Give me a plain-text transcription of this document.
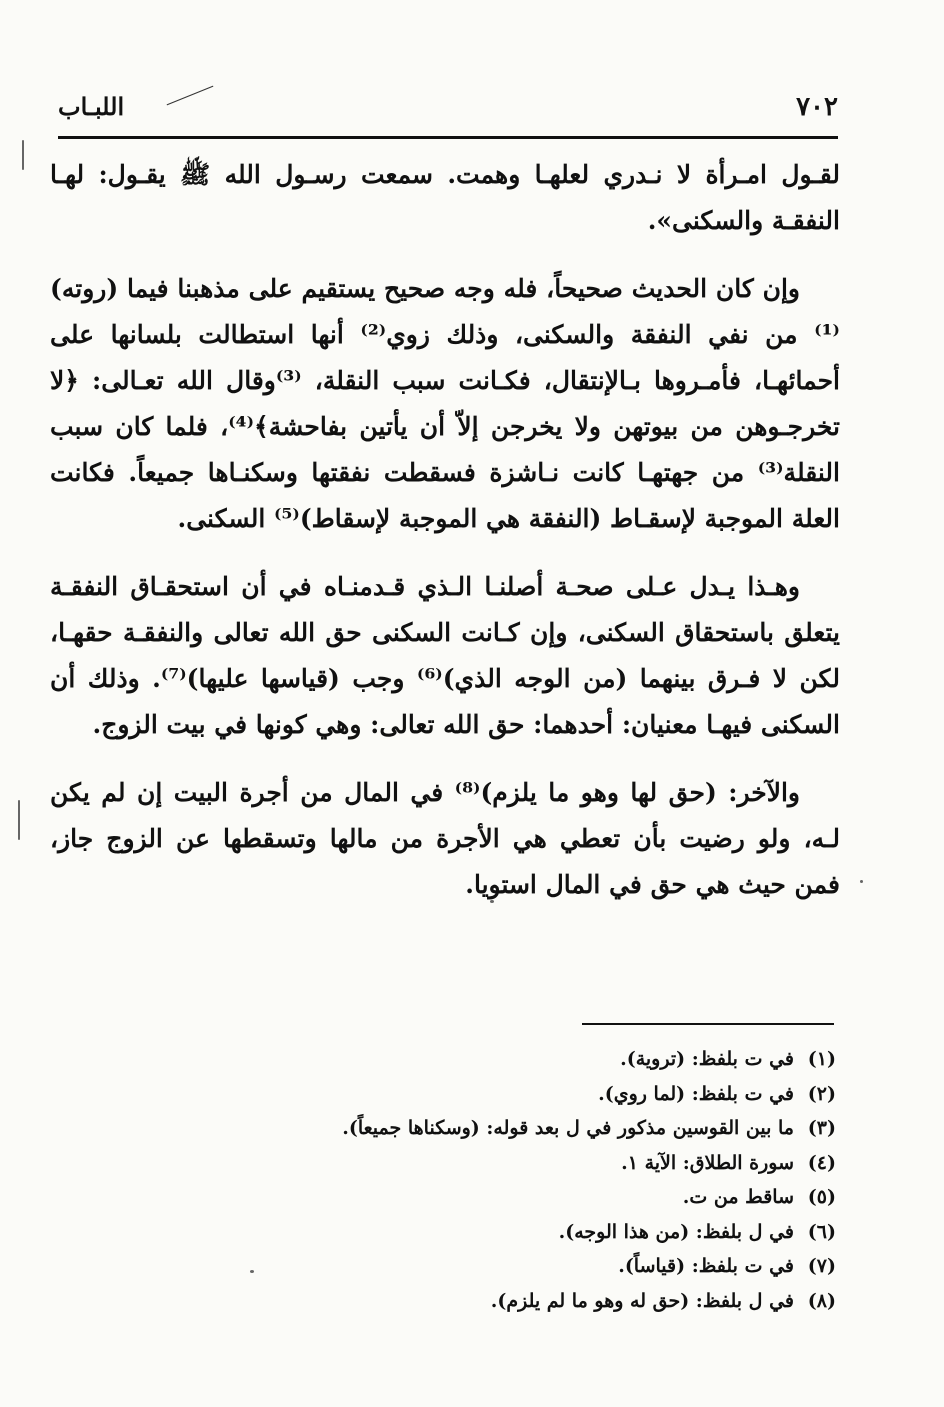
٧٠٢
اللبـاب

لقـول امـرأة لا نـدري لعلهـا وهمت. سمعت رسـول الله ﷺ يقـول: لهـا النفقـة والسكنى».

وإن كان الحديث صحيحاً، فله وجه صحيح يستقيم على مذهبنا فيما (روته)⁽¹⁾ من نفي النفقة والسكنى، وذلك زوي⁽²⁾ أنها استطالت بلسانها على أحمائهـا، فأمـروها بـالإنتقال، فكـانت سبب النقلة، ⁽³⁾وقال الله تعـالى: ﴿لا تخرجـوهن من بيوتهن ولا يخرجن إلاّ أن يأتين بفاحشة﴾⁽⁴⁾، فلما كان سبب النقلة⁽³⁾ من جهتهـا كانت نـاشزة فسقطت نفقتها وسكنـاها جميعاً. فكانت العلة الموجبة لإسقـاط (النفقة هي الموجبة لإسقاط)⁽⁵⁾ السكنى.

وهـذا يـدل عـلى صحـة أصلنـا الـذي قـدمنـاه في أن استحقـاق النفقـة يتعلق باستحقاق السكنى، وإن كـانت السكنى حق الله تعالى والنفقـة حقهـا، لكن لا فـرق بينهما (من الوجه الذي)⁽⁶⁾ وجب (قياسها عليها)⁽⁷⁾. وذلك أن السكنى فيهـا معنيان: أحدهما: حق الله تعالى: وهي كونها في بيت الزوج.

والآخر: (حق لها وهو ما يلزم)⁽⁸⁾ في المال من أجرة البيت إن لم يكن لـه، ولو رضيت بأن تعطي هي الأجرة من مالها وتسقطها عن الزوج جاز، فمن حيث هي حق في المال استويا.

(١)في ت بلفظ: (تروية).
(٢)في ت بلفظ: (لما روي).
(٣)ما بين القوسين مذكور في ل بعد قوله: (وسكناها جميعاً).
(٤)سورة الطلاق: الآية ١.
(٥)ساقط من ت.
(٦)في ل بلفظ: (من هذا الوجه).
(٧)في ت بلفظ: (قياساً).
(٨)في ل بلفظ: (حق له وهو ما لم يلزم).
